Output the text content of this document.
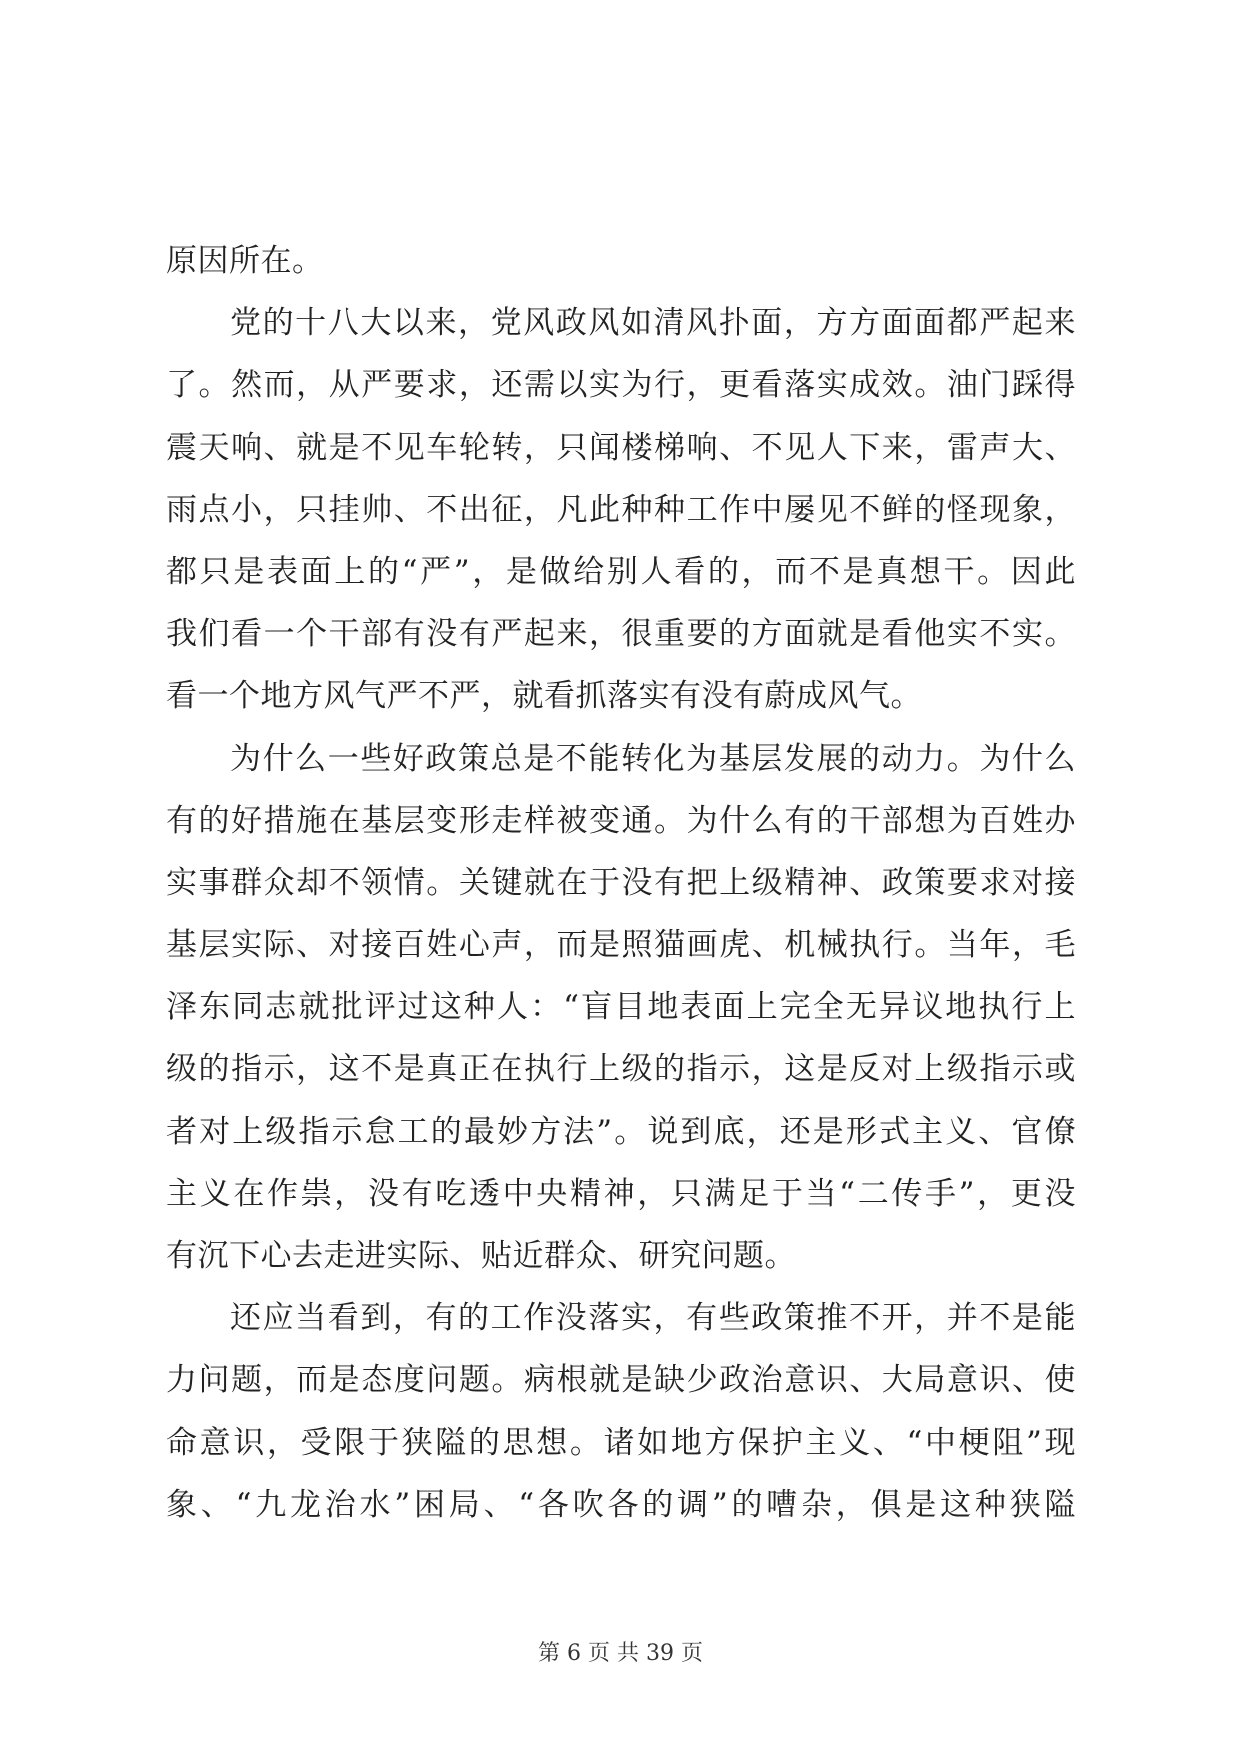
原因所在。
党的十八大以来，党风政风如清风扑面，方方面面都严起来
了。然而，从严要求，还需以实为行，更看落实成效。油门踩得
震天响、就是不见车轮转，只闻楼梯响、不见人下来，雷声大、
雨点小，只挂帅、不出征，凡此种种工作中屡见不鲜的怪现象，
都只是表面上的“严”，是做给别人看的，而不是真想干。因此
我们看一个干部有没有严起来，很重要的方面就是看他实不实。
看一个地方风气严不严，就看抓落实有没有蔚成风气。
为什么一些好政策总是不能转化为基层发展的动力。为什么
有的好措施在基层变形走样被变通。为什么有的干部想为百姓办
实事群众却不领情。关键就在于没有把上级精神、政策要求对接
基层实际、对接百姓心声，而是照猫画虎、机械执行。当年，毛
泽东同志就批评过这种人：“盲目地表面上完全无异议地执行上
级的指示，这不是真正在执行上级的指示，这是反对上级指示或
者对上级指示怠工的最妙方法”。说到底，还是形式主义、官僚
主义在作祟，没有吃透中央精神，只满足于当“二传手”，更没
有沉下心去走进实际、贴近群众、研究问题。
还应当看到，有的工作没落实，有些政策推不开，并不是能
力问题，而是态度问题。病根就是缺少政治意识、大局意识、使
命意识，受限于狭隘的思想。诸如地方保护主义、“中梗阻”现
象、“九龙治水”困局、“各吹各的调”的嘈杂，俱是这种狭隘
第 6 页 共 39 页
